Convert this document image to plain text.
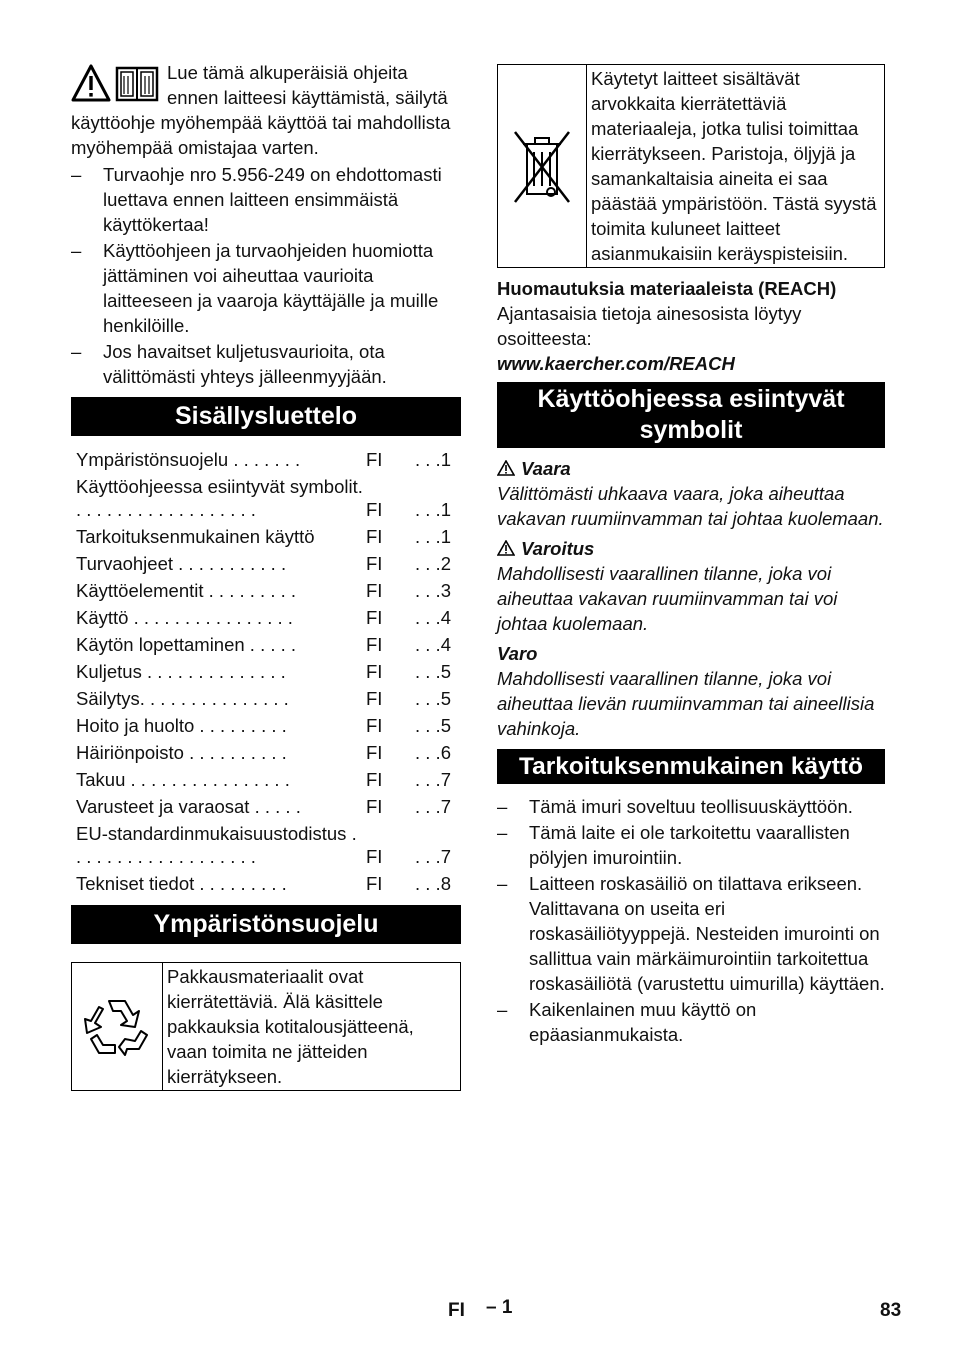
Lue tämä alkuperäisiä ohjeita ennen laitteesi käyttämistä, säilytä käyttöohje myöhempää käyttöä tai mahdollista myöhempää omistajaa varten.

– Turvaohje nro 5.956-249 on ehdottomasti luettava ennen laitteen ensimmäistä käyttökertaa!
– Käyttöohjeen ja turvaohjeiden huomiotta jättäminen voi aiheuttaa vaurioita laitteeseen ja vaaroja käyttäjälle ja muille henkilöille.
– Jos havaitset kuljetusvaurioita, ota välittömästi yhteys jälleenmyyjään.
Sisällysluettelo
Ympäristönsuojelu . . . . . . .	FI	. . .1
Käyttöohjeessa esiintyvät symbolit. . . . . . . . . . . . . . . . . . .	FI	. . .1
Tarkoituksenmukainen käyttö	FI	. . .1
Turvaohjeet . . . . . . . . . . .	FI	. . .2
Käyttöelementit . . . . . . . . .	FI	. . .3
Käyttö . . . . . . . . . . . . . . . .	FI	. . .4
Käytön lopettaminen . . . . .	FI	. . .4
Kuljetus . . . . . . . . . . . . . .	FI	. . .5
Säilytys. . . . . . . . . . . . . . .	FI	. . .5
Hoito ja huolto . . . . . . . . .	FI	. . .5
Häiriönpoisto . . . . . . . . . .	FI	. . .6
Takuu . . . . . . . . . . . . . . . .	FI	. . .7
Varusteet ja varaosat . . . . .	FI	. . .7
EU-standardinmukaisuustodistus . . . . . . . . . . . . . . . . . . .	FI	. . .7
Tekniset tiedot . . . . . . . . .	FI	. . .8
Ympäristönsuojelu
Pakkausmateriaalit ovat kierrätettäviä. Älä käsittele pakkauksia kotitalousjätteenä, vaan toimita ne jätteiden kierrätykseen.
Käytetyt laitteet sisältävät arvokkaita kierrätettäviä materiaaleja, jotka tulisi toimittaa kierrätykseen. Paristoja, öljyjä ja samankaltaisia aineita ei saa päästää ympäristöön. Tästä syystä toimita kuluneet laitteet asianmukaisiin keräyspisteisiin.

Huomautuksia materiaaleista (REACH)

Ajantasaisia tietoja ainesosista löytyy osoitteesta:

www.kaercher.com/REACH

Käyttöohjeessa esiintyvät symbolit

Vaara

Välittömästi uhkaava vaara, joka aiheuttaa vakavan ruumiinvamman tai johtaa kuolemaan.

Varoitus

Mahdollisesti vaarallinen tilanne, joka voi aiheuttaa vakavan ruumiinvamman tai voi johtaa kuolemaan.

Varo

Mahdollisesti vaarallinen tilanne, joka voi aiheuttaa lievän ruumiinvamman tai aineellisia vahinkoja.

Tarkoituksenmukainen käyttö
– Tämä imuri soveltuu teollisuuskäyttöön.
– Tämä laite ei ole tarkoitettu vaarallisten pölyjen imurointiin.
– Laitteen roskasäiliö on tilattava erikseen. Valittavana on useita eri roskasäiliötyyppejä. Nesteiden imurointi on sallittua vain märkäimurointiin tarkoitettua roskasäiliötä (varustettu uimurilla) käyttäen.
– Kaikenlainen muu käyttö on epäasianmukaista.
FI – 1	83
